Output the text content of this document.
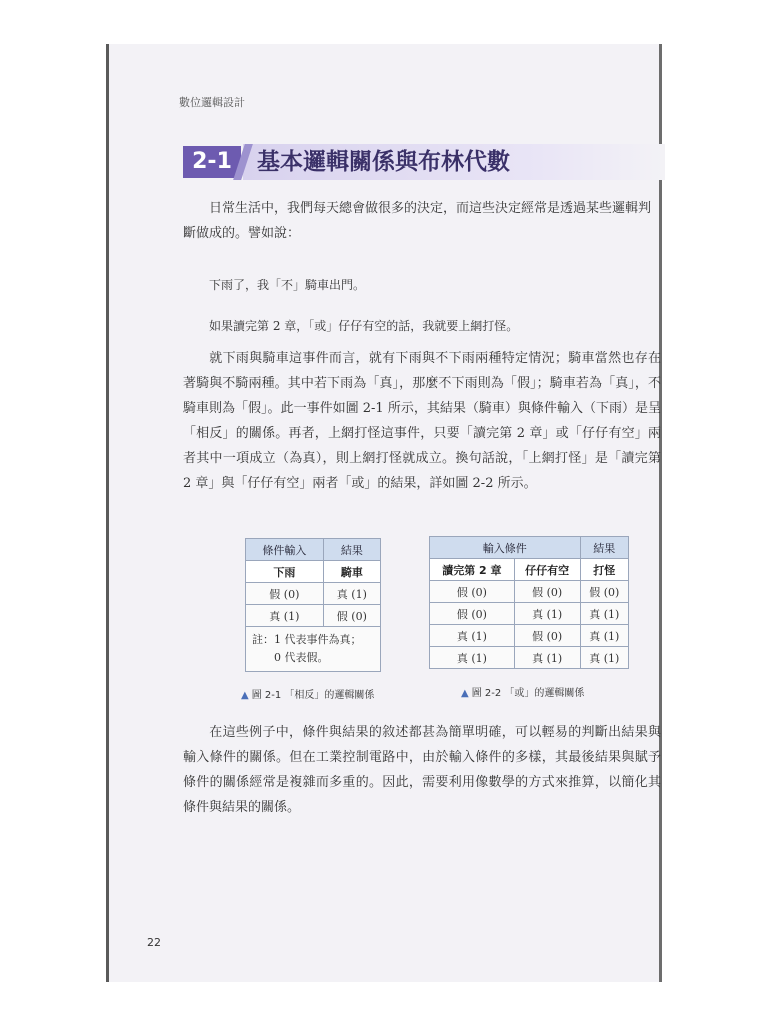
數位邏輯設計
2-1	基本邏輯關係與布林代數
日常生活中，我們每天總會做很多的決定，而這些決定經常是透過某些邏輯判
斷做成的。譬如說：
下雨了，我「不」騎車出門。
如果讀完第 2 章，「或」仔仔有空的話，我就要上網打怪。
就下雨與騎車這事件而言，就有下雨與不下雨兩種特定情況；騎車當然也存在著騎與不騎兩種。其中若下雨為「真」，那麼不下雨則為「假」；騎車若為「真」，不騎車則為「假」。此一事件如圖 2-1 所示，其結果（騎車）與條件輸入（下雨）是呈「相反」的關係。再者，上網打怪這事件，只要「讀完第 2 章」或「仔仔有空」兩者其中一項成立（為真），則上網打怪就成立。換句話說，「上網打怪」是「讀完第 2 章」與「仔仔有空」兩者「或」的結果，詳如圖 2-2 所示。
條件輸入	結果
下雨	騎車
假 (0)	真 (1)
真 (1)	假 (0)
註：1 代表事件為真；
0 代表假。	
▲ 圖 2-1 「相反」的邏輯關係
輸入條件		結果
讀完第 2 章	仔仔有空	打怪
假 (0)	假 (0)	假 (0)
假 (0)	真 (1)	真 (1)
真 (1)	假 (0)	真 (1)
真 (1)	真 (1)	真 (1)
▲ 圖 2-2 「或」的邏輯關係
在這些例子中，條件與結果的敘述都甚為簡單明確，可以輕易的判斷出結果與輸入條件的關係。但在工業控制電路中，由於輸入條件的多樣，其最後結果與賦予條件的關係經常是複雜而多重的。因此，需要利用像數學的方式來推算，以簡化其條件與結果的關係。
22
